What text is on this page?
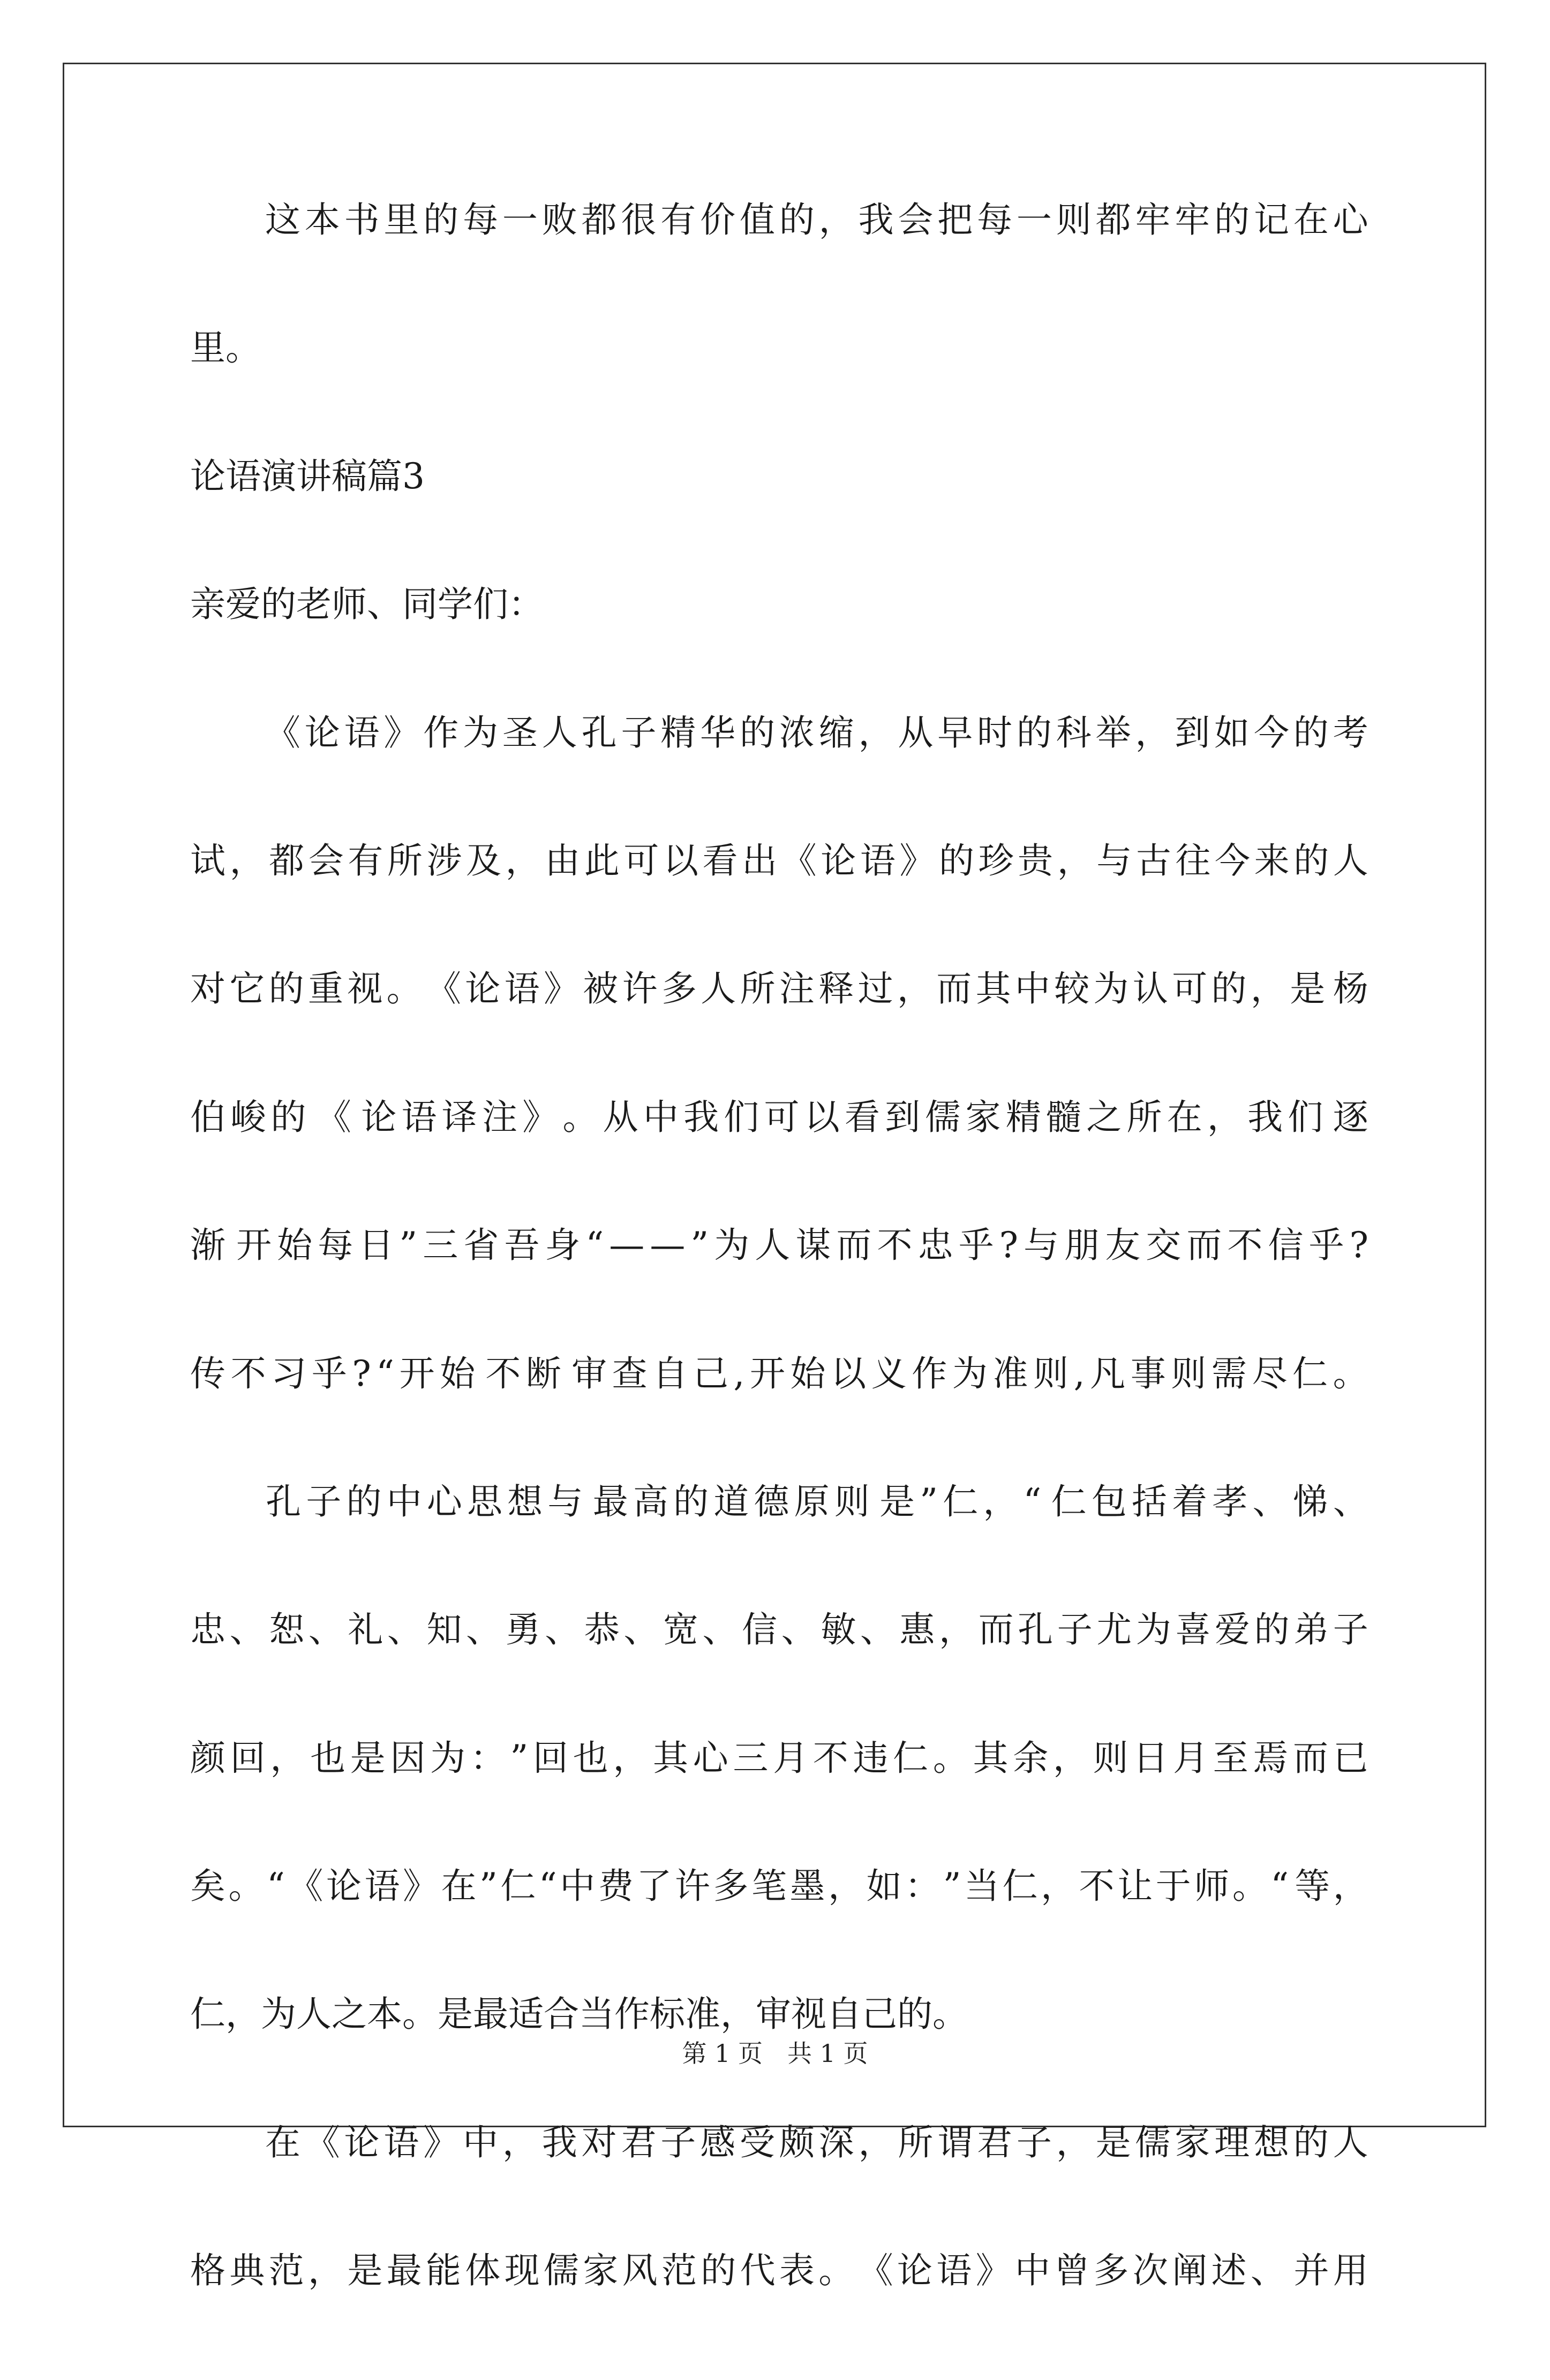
这 本 书 里 的 每 一 败 都 很 有 价 值 的 ， 我 会 把 每 一 则 都 牢 牢 的 记 在 心
里 。
论 语 演 讲 稿 篇 3
亲 爱 的 老 师 、 同 学 们 ：
《 论 语 》 作 为 圣 人 孔 子 精 华 的 浓 缩 ， 从 早 时 的 科 举 ， 到 如 今 的 考
试 ， 都 会 有 所 涉 及 ， 由 此 可 以 看 出 《 论 语 》 的 珍 贵 ， 与 古 往 今 来 的 人
对 它 的 重 视 。 《 论 语 》 被 许 多 人 所 注 释 过 ， 而 其 中 较 为 认 可 的 ， 是 杨
伯 峻 的 《 论 语 译 注 》 。 从 中 我 们 可 以 看 到 儒 家 精 髓 之 所 在 ， 我 们 逐
渐 开 始 每 日 ” 三 省 吾 身 “ — — ” 为 人 谋 而 不 忠 乎 ? 与 朋 友 交 而 不 信 乎 ?
传 不 习 乎 ? “ 开 始 不 断 审 查 自 己 , 开 始 以 义 作 为 准 则 , 凡 事 则 需 尽 仁 。
孔 子 的 中 心 思 想 与 最 高 的 道 德 原 则 是 ” 仁 ， “ 仁 包 括 着 孝 、 悌 、
忠 、 恕 、 礼 、 知 、 勇 、 恭 、 宽 、 信 、 敏 、 惠 ， 而 孔 子 尤 为 喜 爱 的 弟 子
颜 回 ， 也 是 因 为 ： ” 回 也 ， 其 心 三 月 不 违 仁 。 其 余 ， 则 日 月 至 焉 而 已
矣 。 “ 《 论 语 》 在 ” 仁 “ 中 费 了 许 多 笔 墨 ， 如 ： ” 当 仁 ， 不 让 于 师 。 “ 等 ，
仁 ， 为 人 之 本 。 是 最 适 合 当 作 标 准 ， 审 视 自 己 的 。
在 《 论 语 》 中 ， 我 对 君 子 感 受 颇 深 ， 所 谓 君 子 ， 是 儒 家 理 想 的 人
格 典 范 ， 是 最 能 体 现 儒 家 风 范 的 代 表 。 《 论 语 》 中 曾 多 次 阐 述 、 并 用
第 1 页　共 1 页
